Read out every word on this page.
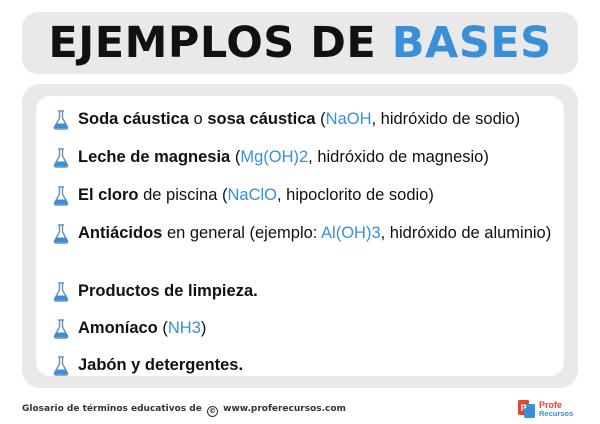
EJEMPLOS DE BASES
Soda cáustica o sosa cáustica (NaOH, hidróxido de sodio)
Leche de magnesia (Mg(OH)2, hidróxido de magnesio)
El cloro de piscina (NaClO, hipoclorito de sodio)
Antiácidos en general (ejemplo: Al(OH)3, hidróxido de aluminio)
Productos de limpieza.
Amoníaco (NH3)
Jabón y detergentes.
Glosario de términos educativos de © www.proferecursos.com	P Profe
Recursos
